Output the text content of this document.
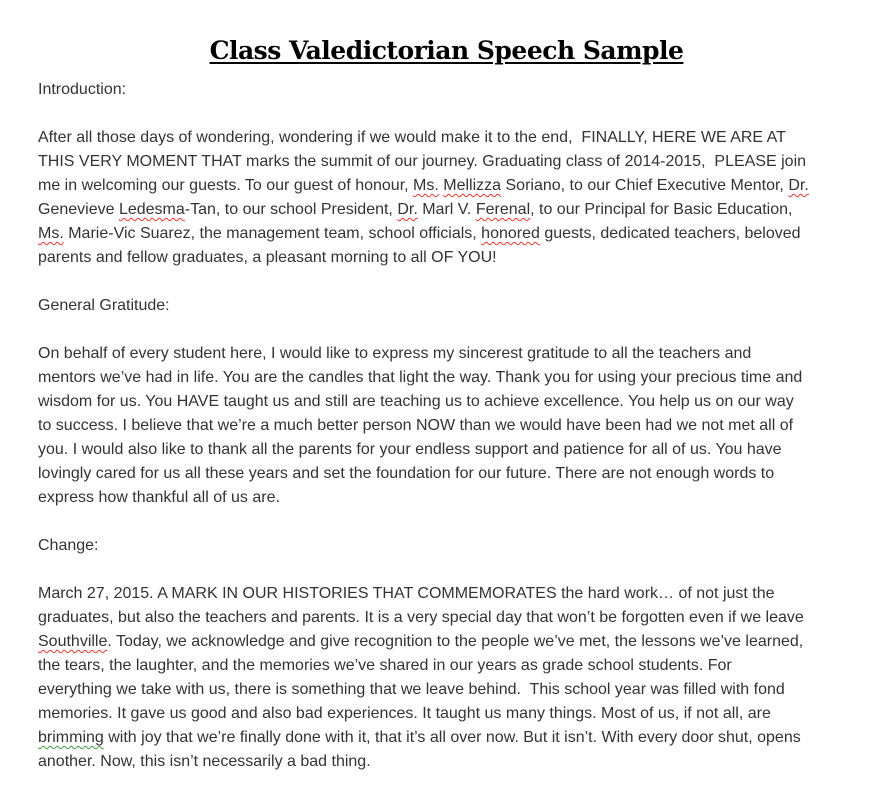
Class Valedictorian Speech Sample
Introduction:
After all those days of wondering, wondering if we would make it to the end,  FINALLY, HERE WE ARE AT
THIS VERY MOMENT THAT marks the summit of our journey. Graduating class of 2014-2015,  PLEASE join
me in welcoming our guests. To our guest of honour, Ms. Mellizza Soriano, to our Chief Executive Mentor, Dr.
Genevieve Ledesma-Tan, to our school President, Dr. Marl V. Ferenal, to our Principal for Basic Education,
Ms. Marie-Vic Suarez, the management team, school officials, honored guests, dedicated teachers, beloved
parents and fellow graduates, a pleasant morning to all OF YOU!
General Gratitude:
On behalf of every student here, I would like to express my sincerest gratitude to all the teachers and
mentors we’ve had in life. You are the candles that light the way. Thank you for using your precious time and
wisdom for us. You HAVE taught us and still are teaching us to achieve excellence. You help us on our way
to success. I believe that we’re a much better person NOW than we would have been had we not met all of
you. I would also like to thank all the parents for your endless support and patience for all of us. You have
lovingly cared for us all these years and set the foundation for our future. There are not enough words to
express how thankful all of us are.
Change:
March 27, 2015. A MARK IN OUR HISTORIES THAT COMMEMORATES the hard work… of not just the
graduates, but also the teachers and parents. It is a very special day that won’t be forgotten even if we leave
Southville. Today, we acknowledge and give recognition to the people we’ve met, the lessons we’ve learned,
the tears, the laughter, and the memories we’ve shared in our years as grade school students. For
everything we take with us, there is something that we leave behind.  This school year was filled with fond
memories. It gave us good and also bad experiences. It taught us many things. Most of us, if not all, are
brimming with joy that we’re finally done with it, that it’s all over now. But it isn’t. With every door shut, opens
another. Now, this isn’t necessarily a bad thing.
